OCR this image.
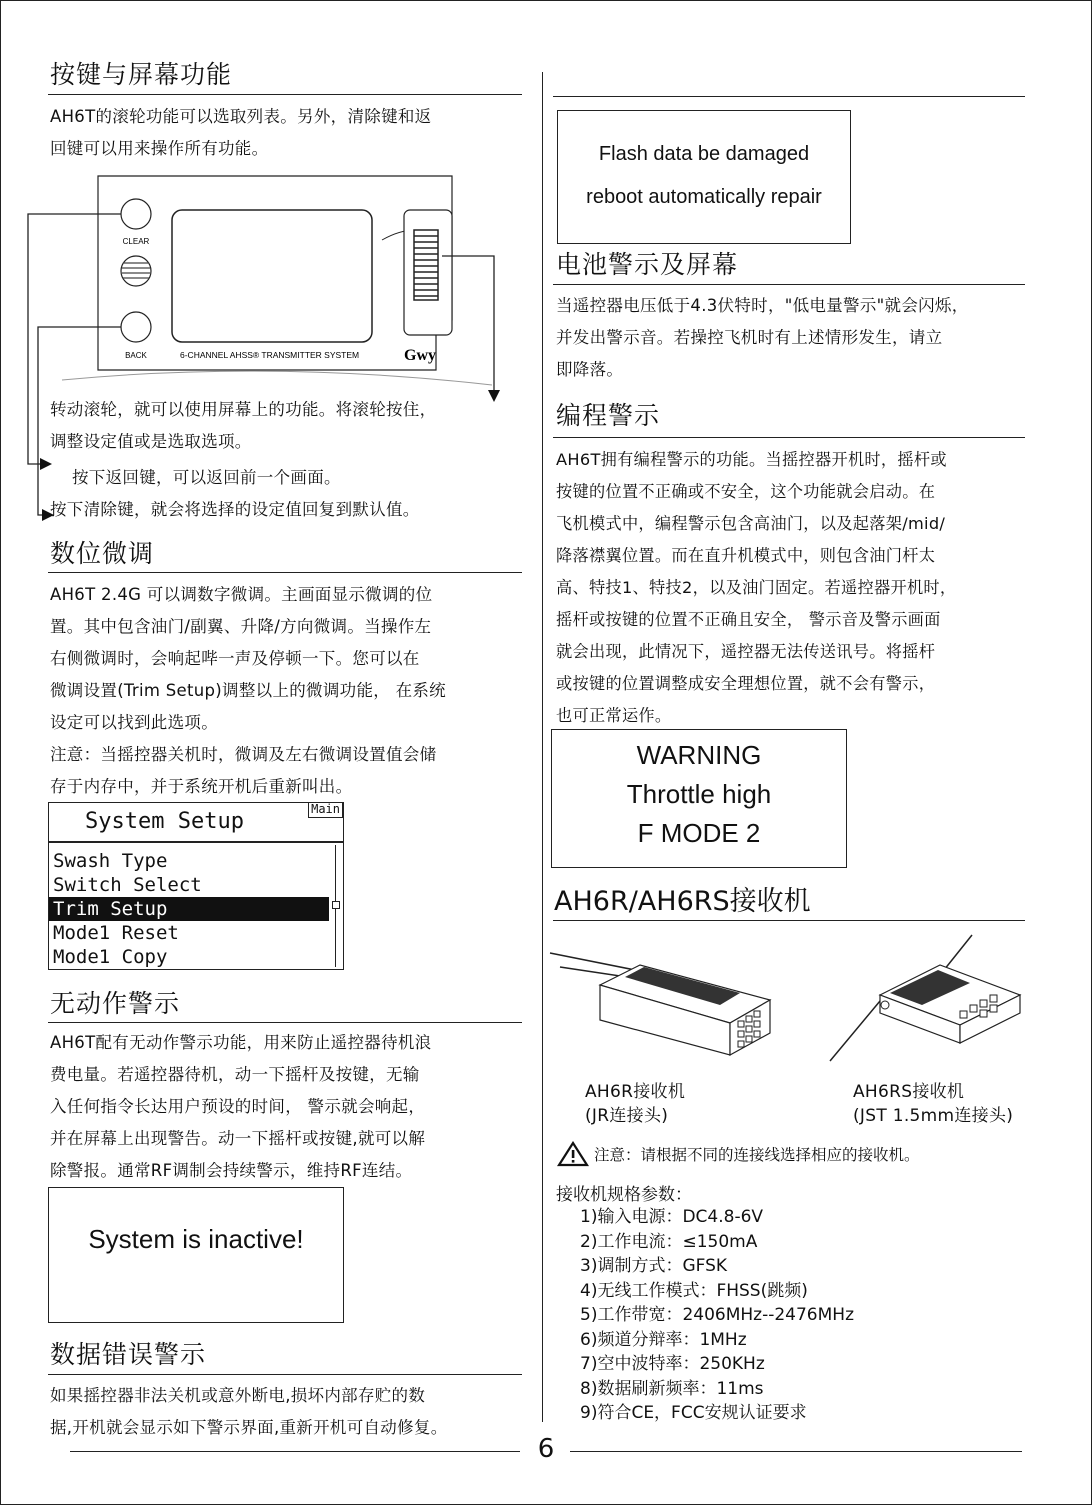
按键与屏幕功能
AH6T的滚轮功能可以选取列表。另外，清除键和返
回键可以用来操作所有功能。
CLEAR
BACK	6-CHANNEL AHSS® TRANSMITTER SYSTEM	Gwy
转动滚轮，就可以使用屏幕上的功能。将滚轮按住，
调整设定值或是选取选项。
按下返回键，可以返回前一个画面。
按下清除键，就会将选择的设定值回复到默认值。
数位微调
AH6T 2.4G 可以调数字微调。主画面显示微调的位
置。其中包含油门/副翼、升降/方向微调。当操作左
右侧微调时，会响起哔一声及停顿一下。您可以在
微调设置(Trim Setup)调整以上的微调功能， 在系统
设定可以找到此选项。
注意：当摇控器关机时，微调及左右微调设置值会储
存于内存中，并于系统开机后重新叫出。
System Setup	Main
Swash Type
Switch Select
Trim Setup
Mode1 Reset
Mode1 Copy
无动作警示
AH6T配有无动作警示功能，用来防止遥控器待机浪
费电量。若遥控器待机，动一下摇杆及按键，无输
入任何指令长达用户预设的时间， 警示就会响起，
并在屏幕上出现警告。动一下摇杆或按键,就可以解
除警报。通常RF调制会持续警示，维持RF连结。
System is inactive!
数据错误警示
如果摇控器非法关机或意外断电,损坏内部存贮的数
据,开机就会显示如下警示界面,重新开机可自动修复。
Flash data be damaged
reboot automatically repair
电池警示及屏幕
当遥控器电压低于4.3伏特时，"低电量警示"就会闪烁，
并发出警示音。若操控飞机时有上述情形发生，请立
即降落。
编程警示
AH6T拥有编程警示的功能。当摇控器开机时，摇杆或
按键的位置不正确或不安全，这个功能就会启动。在
飞机模式中，编程警示包含高油门，以及起落架/mid/
降落襟翼位置。而在直升机模式中，则包含油门杆太
高、特技1、特技2，以及油门固定。若遥控器开机时，
摇杆或按键的位置不正确且安全， 警示音及警示画面
就会出现，此情况下，遥控器无法传送讯号。将摇杆
或按键的位置调整成安全理想位置，就不会有警示，
也可正常运作。
WARNING
Throttle high
F MODE 2
AH6R/AH6RS接收机
AH6R接收机
(JR连接头)
AH6RS接收机
(JST 1.5mm连接头)
注意：请根据不同的连接线选择相应的接收机。
接收机规格参数：
1)输入电源：DC4.8-6V
2)工作电流：≤150mA
3)调制方式：GFSK
4)无线工作模式：FHSS(跳频)
5)工作带宽：2406MHz--2476MHz
6)频道分辩率：1MHz
7)空中波特率：250KHz
8)数据刷新频率：11ms
9)符合CE，FCC安规认证要求
6
